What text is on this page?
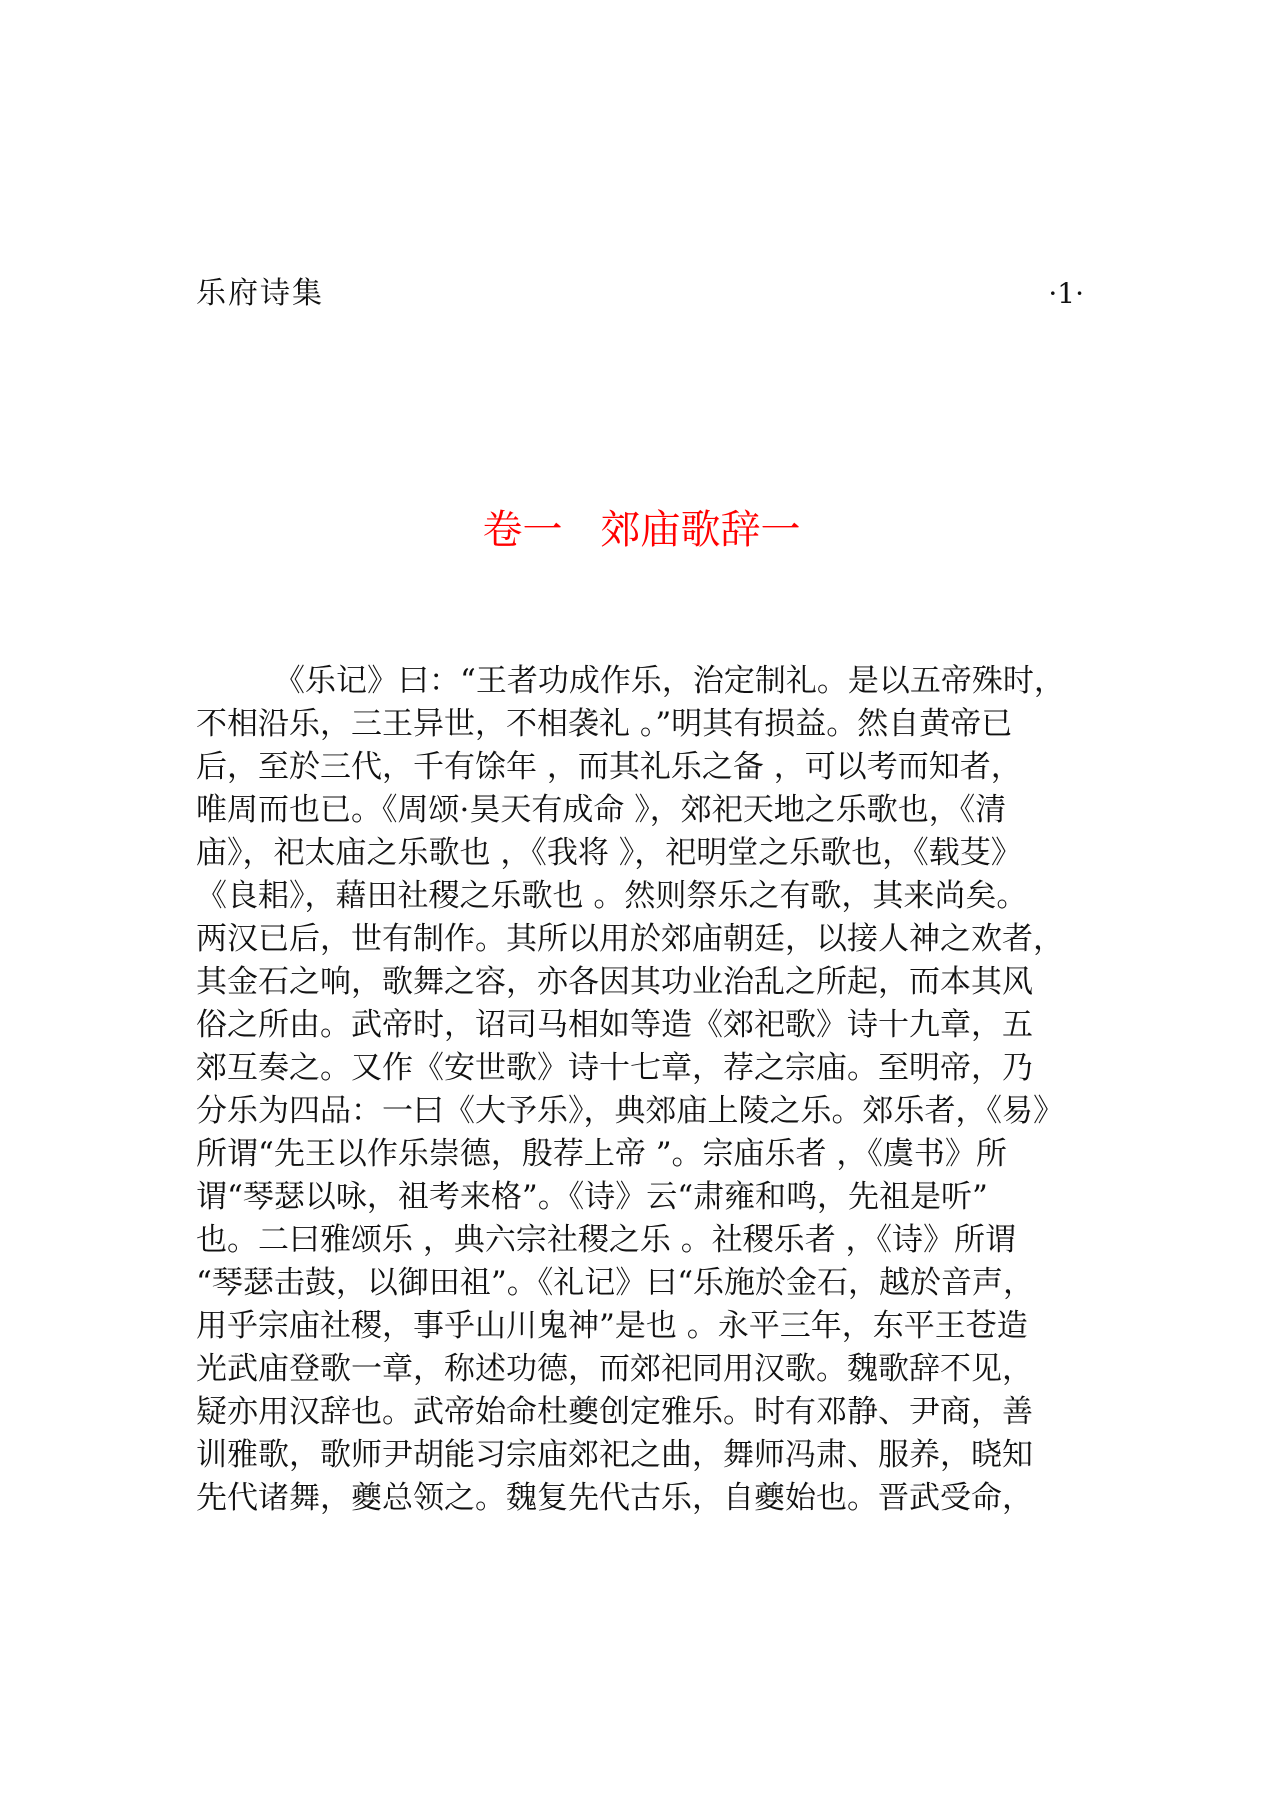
乐府诗集	·1·
卷一 郊庙歌辞一
《乐记》曰：“王者功成作乐，治定制礼。是以五帝殊时，
不相沿乐，三王异世，不相袭礼 。”明其有损益。然自黄帝已
后，至於三代，千有馀年 ，而其礼乐之备 ，可以考而知者，
唯周而也已。《周颂·昊天有成命 》，郊祀天地之乐歌也，《清
庙》，祀太庙之乐歌也 ，《我将 》，祀明堂之乐歌也，《载芟》
《良耜》，藉田社稷之乐歌也 。然则祭乐之有歌，其来尚矣。
两汉已后，世有制作。其所以用於郊庙朝廷，以接人神之欢者，
其金石之响，歌舞之容，亦各因其功业治乱之所起，而本其风
俗之所由。武帝时，诏司马相如等造《郊祀歌》诗十九章，五
郊互奏之。又作《安世歌》诗十七章，荐之宗庙。至明帝，乃
分乐为四品：一曰《大予乐》，典郊庙上陵之乐。郊乐者，《易》
所谓“先王以作乐崇德，殷荐上帝 ”。宗庙乐者 ，《虞书》所
谓“琴瑟以咏，祖考来格”。《诗》云“肃雍和鸣，先祖是听”
也。二曰雅颂乐 ，典六宗社稷之乐 。社稷乐者 ，《诗》所谓
“琴瑟击鼓，以御田祖”。《礼记》曰“乐施於金石，越於音声，
用乎宗庙社稷，事乎山川鬼神”是也 。永平三年，东平王苍造
光武庙登歌一章，称述功德，而郊祀同用汉歌。魏歌辞不见，
疑亦用汉辞也。武帝始命杜夔创定雅乐。时有邓静、尹商，善
训雅歌，歌师尹胡能习宗庙郊祀之曲，舞师冯肃、服养，晓知
先代诸舞，夔总领之。魏复先代古乐，自夔始也。晋武受命，
